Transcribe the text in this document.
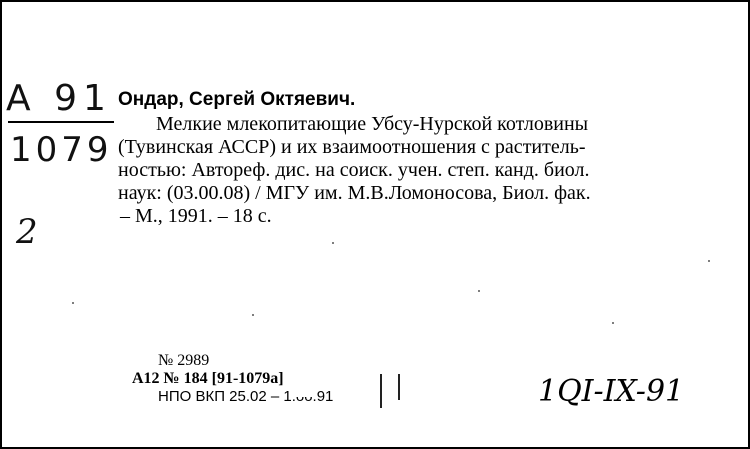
A 91
1079
2
Ондар, Сергей Октяевич.
Мелкие млекопитающие Убсу-Нурской котловины
(Тувинская АССР) и их взаимоотношения с раститель-
ностью: Автореф. дис. на соиск. учен. степ. канд. биол.
наук: (03.00.08) / МГУ им. М.В.Ломоносова, Биол. фак.
– М., 1991. – 18 с.
№ 2989
А12 № 184 [91-1079а]
НПО ВКП 25.02 – 1.ᴗᴗ.91	1QI-IX-91
